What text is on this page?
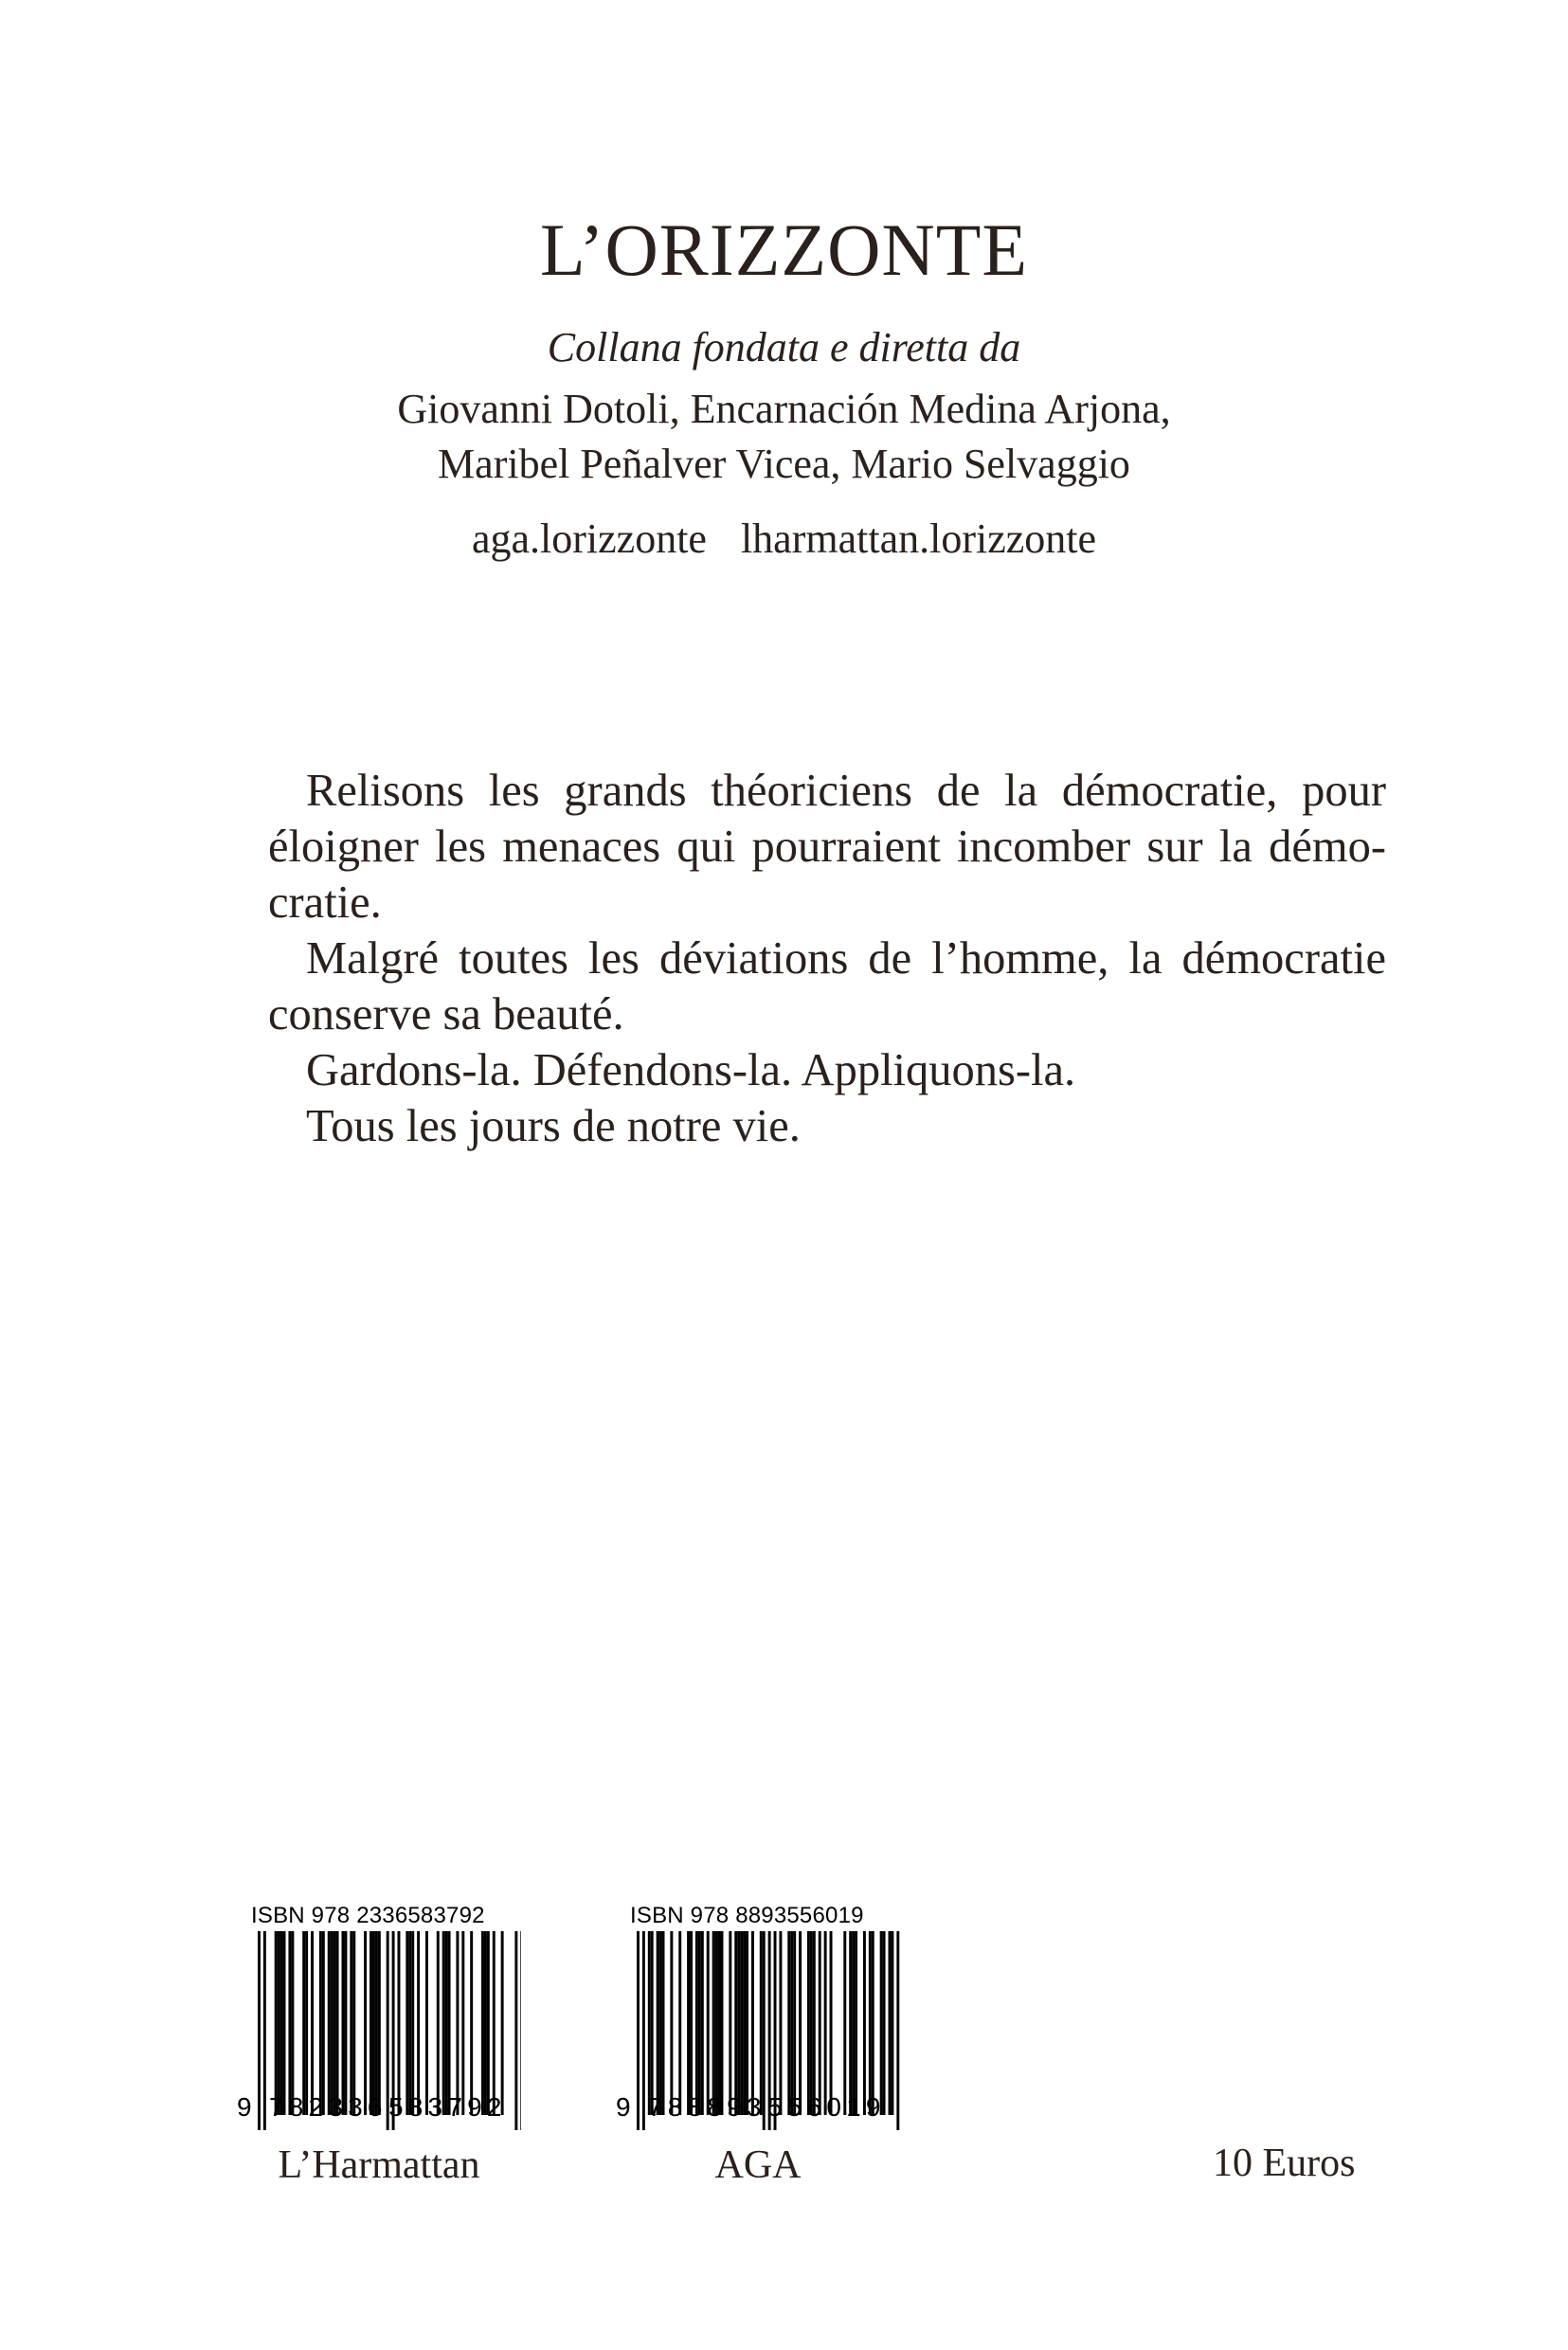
L’ORIZZONTE
Collana fondata e diretta da
Giovanni Dotoli, Encarnación Medina Arjona,
Maribel Peñalver Vicea, Mario Selvaggio
aga.lorizzonte lharmattan.lorizzonte
Relisons les grands théoriciens de la démocratie, pour
éloigner les menaces qui pourraient incomber sur la démo-
cratie.
Malgré toutes les déviations de l’homme, la démocratie
conserve sa beauté.
Gardons-la. Défendons-la. Appliquons-la.
Tous les jours de notre vie.
ISBN 978 2336583792
9 782336 583792
L’Harmattan
ISBN 978 8893556019
9 788893 556019
AGA	10 Euros
